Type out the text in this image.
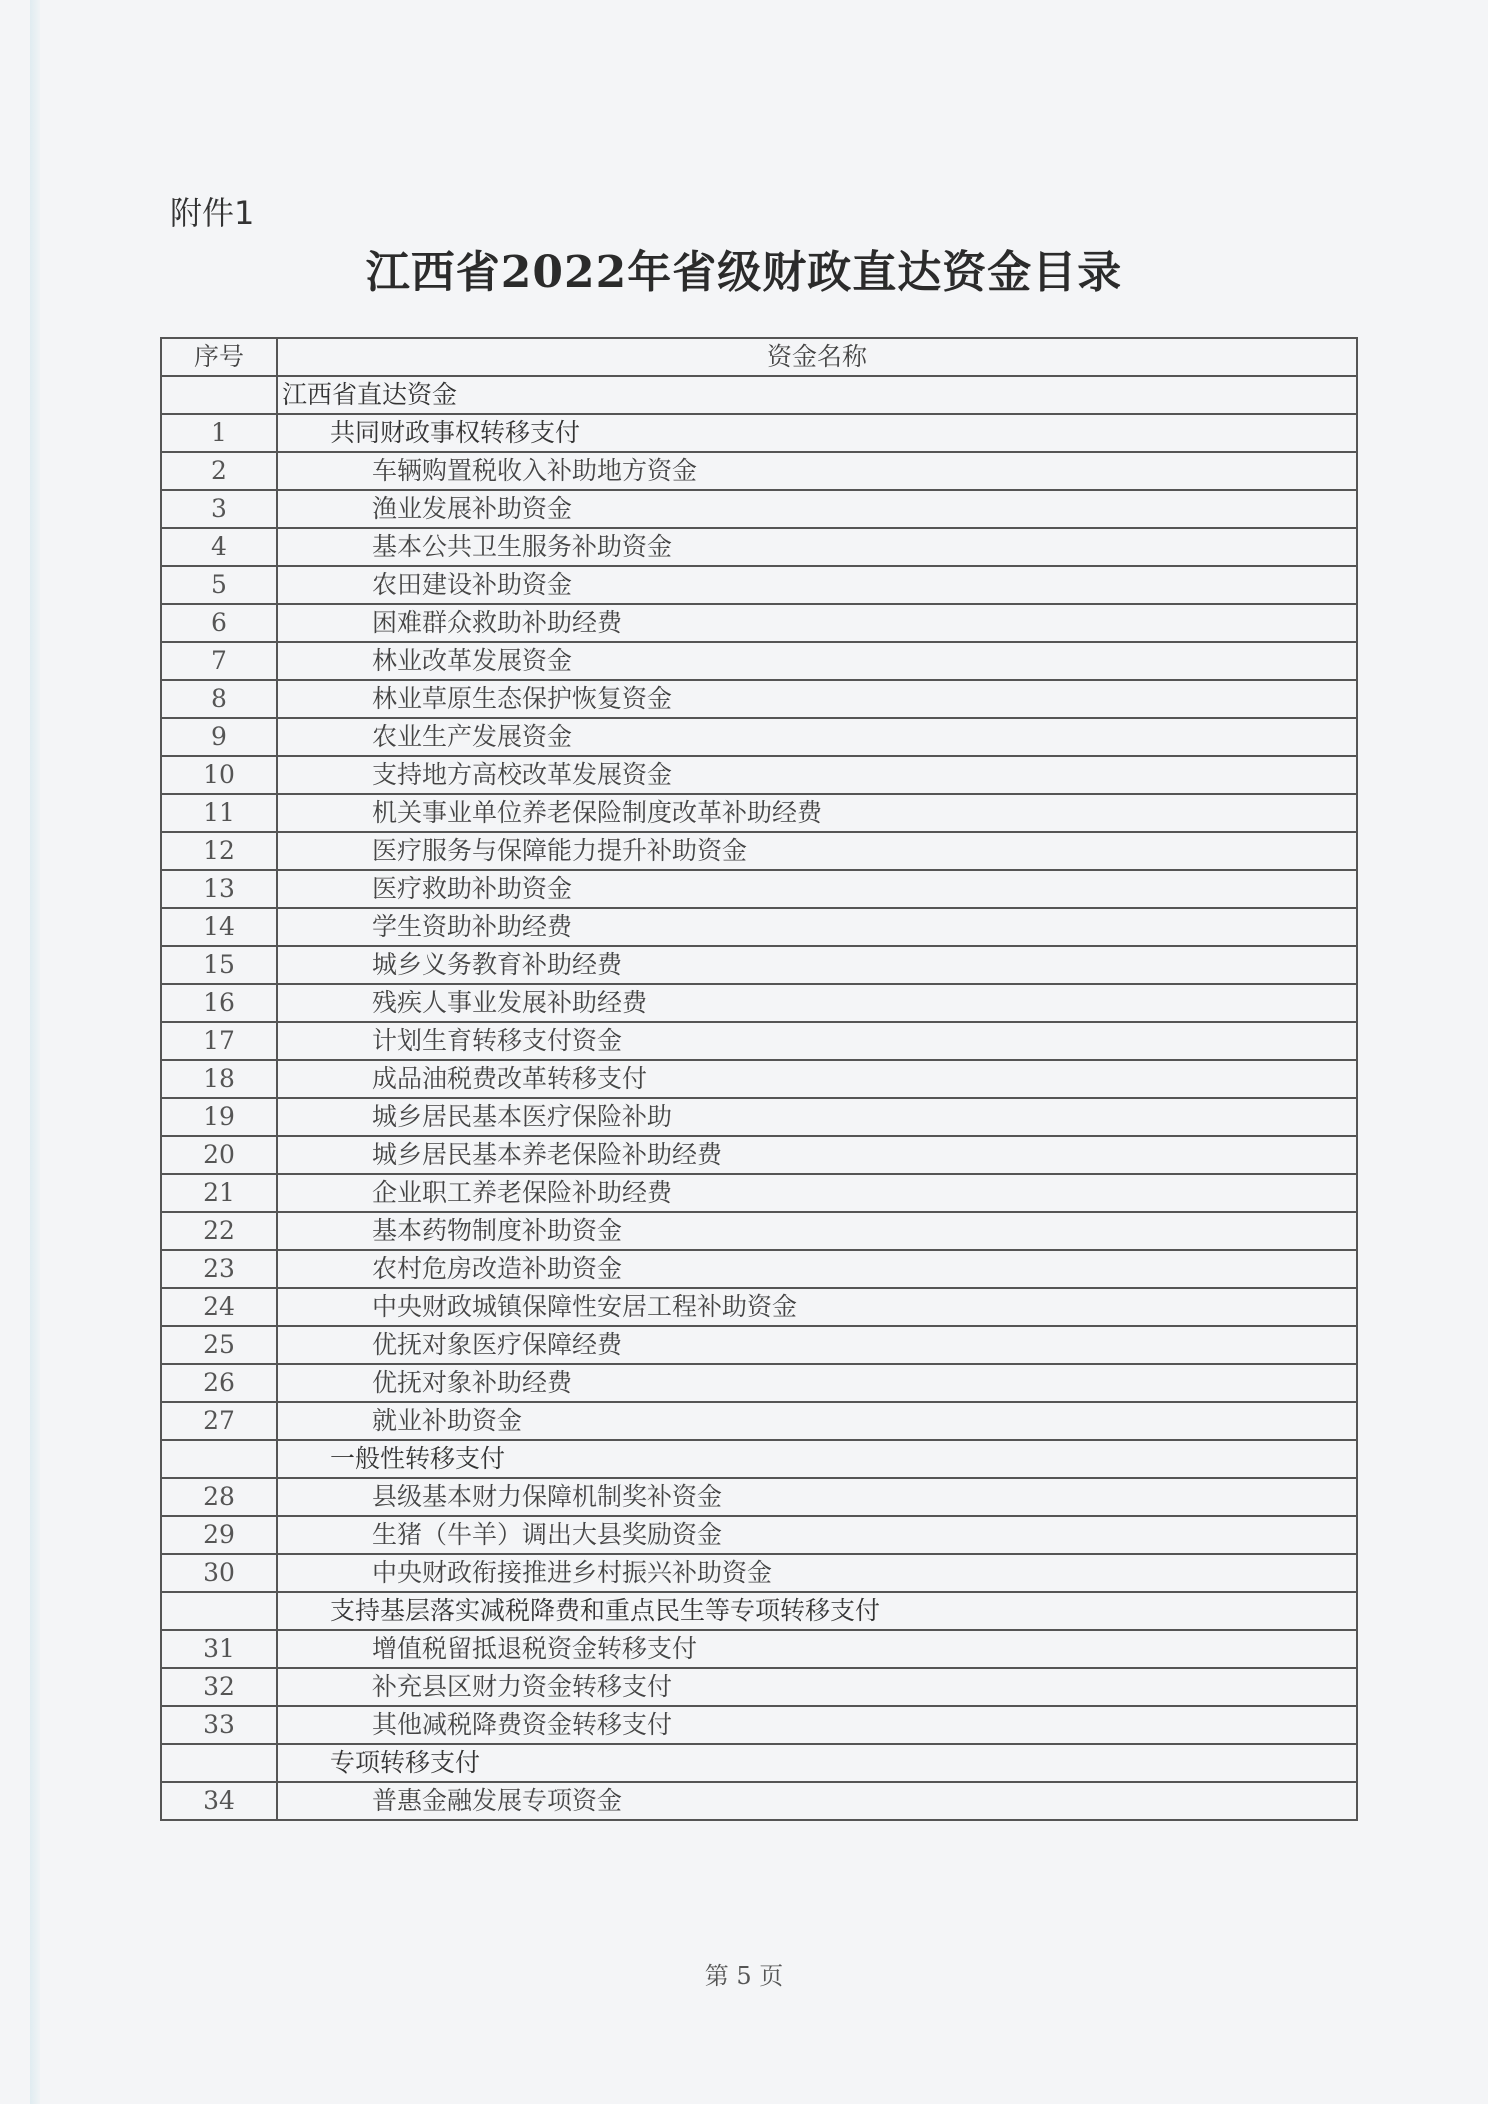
附件1
江西省2022年省级财政直达资金目录
序号	资金名称
	江西省直达资金
1	共同财政事权转移支付
2	车辆购置税收入补助地方资金
3	渔业发展补助资金
4	基本公共卫生服务补助资金
5	农田建设补助资金
6	困难群众救助补助经费
7	林业改革发展资金
8	林业草原生态保护恢复资金
9	农业生产发展资金
10	支持地方高校改革发展资金
11	机关事业单位养老保险制度改革补助经费
12	医疗服务与保障能力提升补助资金
13	医疗救助补助资金
14	学生资助补助经费
15	城乡义务教育补助经费
16	残疾人事业发展补助经费
17	计划生育转移支付资金
18	成品油税费改革转移支付
19	城乡居民基本医疗保险补助
20	城乡居民基本养老保险补助经费
21	企业职工养老保险补助经费
22	基本药物制度补助资金
23	农村危房改造补助资金
24	中央财政城镇保障性安居工程补助资金
25	优抚对象医疗保障经费
26	优抚对象补助经费
27	就业补助资金
	一般性转移支付
28	县级基本财力保障机制奖补资金
29	生猪（牛羊）调出大县奖励资金
30	中央财政衔接推进乡村振兴补助资金
	支持基层落实减税降费和重点民生等专项转移支付
31	增值税留抵退税资金转移支付
32	补充县区财力资金转移支付
33	其他减税降费资金转移支付
	专项转移支付
34	普惠金融发展专项资金
第 5 页
